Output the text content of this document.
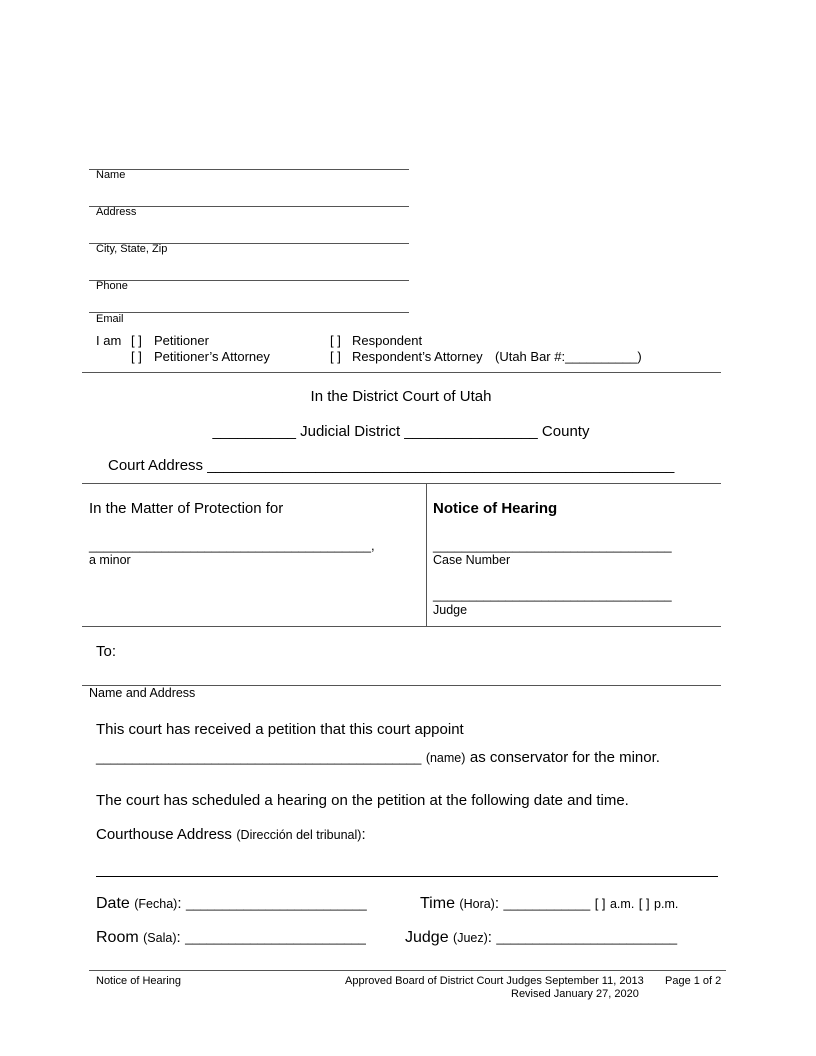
Name
Address
City, State, Zip
Phone
Email
I am [ ] Petitioner
[ ] Petitioner’s Attorney
[ ] Respondent
[ ] Respondent’s Attorney (Utah Bar #:__________)
In the District Court of Utah
__________ Judicial District ________________ County
Court Address ________________________________________________________
In the Matter of Protection for
_______________________________________,
a minor
Notice of Hearing
_________________________________
Case Number
_________________________________
Judge
To:
Name and Address
This court has received a petition that this court appoint
_____________________________________________ (name) as conservator for the minor.
The court has scheduled a hearing on the petition at the following date and time.
Courthouse Address (Dirección del tribunal):
Date (Fecha): _________________________	Time (Hora): ____________ [ ] a.m. [ ] p.m.
Room (Sala): _________________________ Judge (Juez): _________________________
Notice of Hearing	Approved Board of District Court Judges September 11, 2013
Revised January 27, 2020
Page 1 of 2
